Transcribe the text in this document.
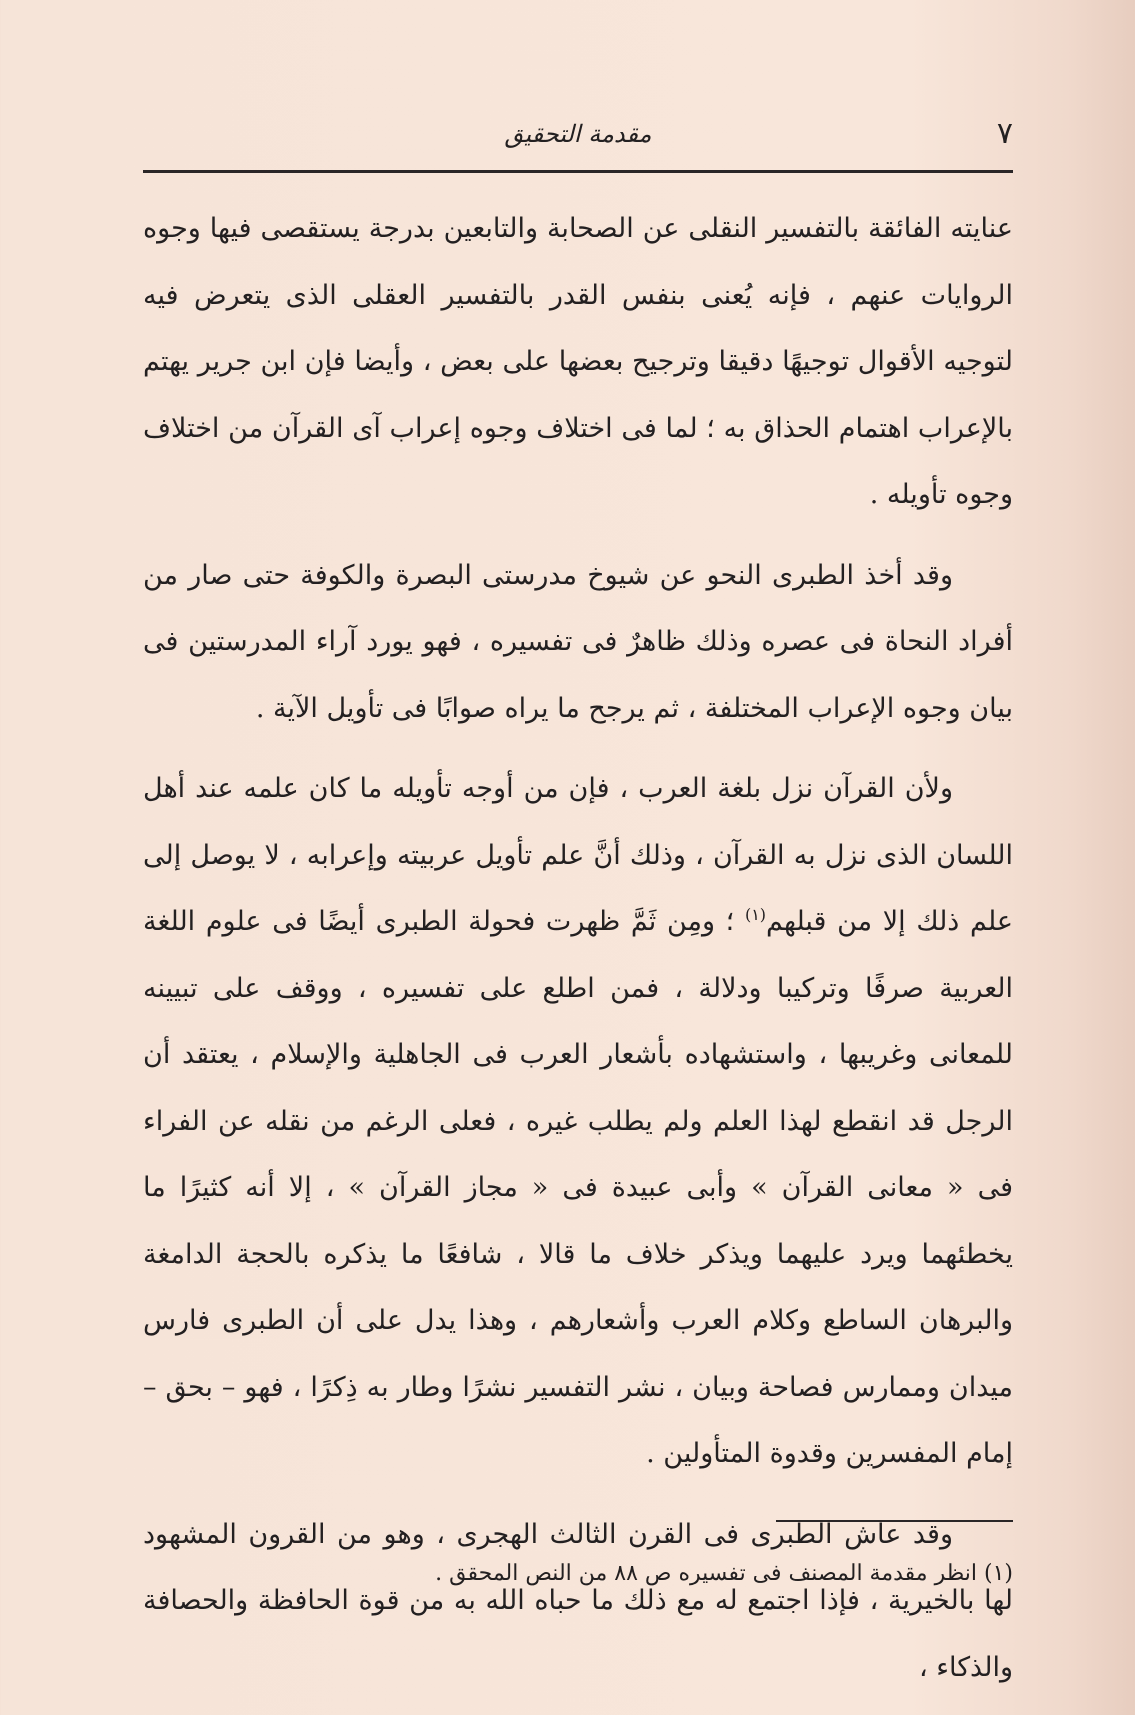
٧
مقدمة التحقيق

عنايته الفائقة بالتفسير النقلى عن الصحابة والتابعين بدرجة يستقصى فيها وجوه الروايات عنهم ، فإنه يُعنى بنفس القدر بالتفسير العقلى الذى يتعرض فيه لتوجيه الأقوال توجيهًا دقيقا وترجيح بعضها على بعض ، وأيضا فإن ابن جرير يهتم بالإعراب اهتمام الحذاق به ؛ لما فى اختلاف وجوه إعراب آى القرآن من اختلاف وجوه تأويله .

وقد أخذ الطبرى النحو عن شيوخ مدرستى البصرة والكوفة حتى صار من أفراد النحاة فى عصره وذلك ظاهرٌ فى تفسيره ، فهو يورد آراء المدرستين فى بيان وجوه الإعراب المختلفة ، ثم يرجح ما يراه صوابًا فى تأويل الآية .

ولأن القرآن نزل بلغة العرب ، فإن من أوجه تأويله ما كان علمه عند أهل اللسان الذى نزل به القرآن ، وذلك أنَّ علم تأويل عربيته وإعرابه ، لا يوصل إلى علم ذلك إلا من قبلهم$^{(١)}$ ؛ ومِن ثَمَّ ظهرت فحولة الطبرى أيضًا فى علوم اللغة العربية صرفًا وتركيبا ودلالة ، فمن اطلع على تفسيره ، ووقف على تبيينه للمعانى وغريبها ، واستشهاده بأشعار العرب فى الجاهلية والإسلام ، يعتقد أن الرجل قد انقطع لهذا العلم ولم يطلب غيره ، فعلى الرغم من نقله عن الفراء فى « معانى القرآن » وأبى عبيدة فى « مجاز القرآن » ، إلا أنه كثيرًا ما يخطئهما ويرد عليهما ويذكر خلاف ما قالا ، شافعًا ما يذكره بالحجة الدامغة والبرهان الساطع وكلام العرب وأشعارهم ، وهذا يدل على أن الطبرى فارس ميدان وممارس فصاحة وبيان ، نشر التفسير نشرًا وطار به ذِكرًا ، فهو – بحق – إمام المفسرين وقدوة المتأولين .

وقد عاش الطبرى فى القرن الثالث الهجرى ، وهو من القرون المشهود لها بالخيرية ، فإذا اجتمع له مع ذلك ما حباه الله به من قوة الحافظة والحصافة والذكاء ،

(١) انظر مقدمة المصنف فى تفسيره ص ٨٨ من النص المحقق .
